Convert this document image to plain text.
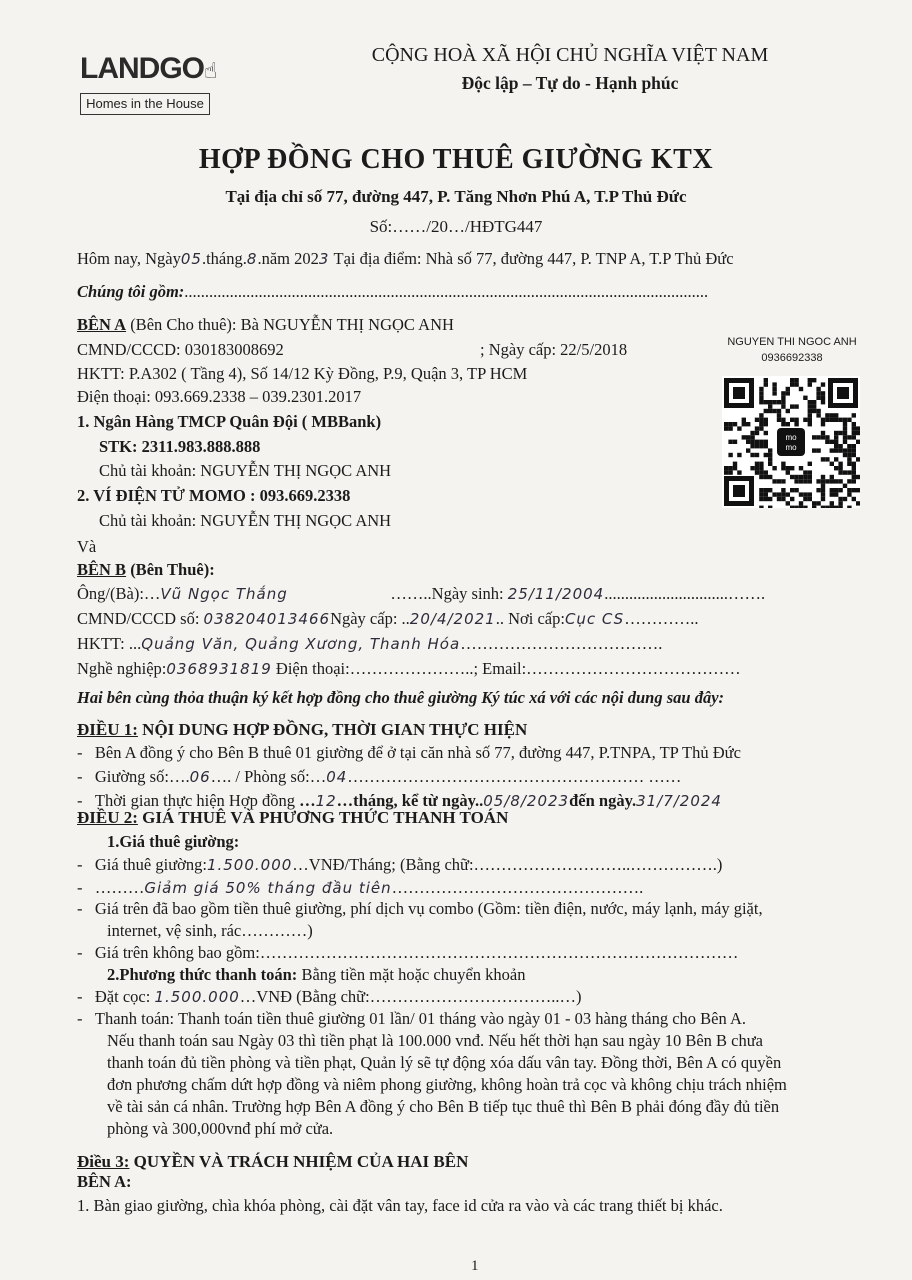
LANDGO☝
Homes in the House
CỘNG HOÀ XÃ HỘI CHỦ NGHĨA VIỆT NAM
Độc lập – Tự do - Hạnh phúc
HỢP ĐỒNG CHO THUÊ GIƯỜNG KTX
Tại địa chỉ số 77, đường 447, P. Tăng Nhơn Phú A, T.P Thủ Đức
Số:……/20…/HĐTG447
Hôm nay, Ngày05.tháng.8.năm 2023 Tại địa điểm: Nhà số 77, đường 447, P. TNP A, T.P Thủ Đức
Chúng tôi gồm:...............................................................................................................................
BÊN A (Bên Cho thuê): Bà NGUYỄN THỊ NGỌC ANH
CMND/CCCD: 030183008692	; Ngày cấp: 22/5/2018
HKTT: P.A302 ( Tầng 4), Số 14/12 Kỳ Đồng, P.9, Quận 3, TP HCM
Điện thoại: 093.669.2338 – 039.2301.2017
1. Ngân Hàng TMCP Quân Đội ( MBBank)
STK: 2311.983.888.888
Chủ tài khoản: NGUYỄN THỊ NGỌC ANH
2. VÍ ĐIỆN TỬ MOMO : 093.669.2338
Chủ tài khoản: NGUYỄN THỊ NGỌC ANH
NGUYEN THI NGOC ANH
0936692338
mo
mo
Và
BÊN B (Bên Thuê):
Ông/(Bà):…Vũ Ngọc Thắng	……..Ngày sinh: 25/11/2004..............................…….
CMND/CCCD số: 038204013466Ngày cấp: ..20/4/2021.. Nơi cấp:Cục CS…………..
HKTT: ...Quảng Văn, Quảng Xương, Thanh Hóa……………………………….
Nghề nghiệp:0368931819 Điện thoại:…………………..; Email:…………………………………
Hai bên cùng thỏa thuận ký kết hợp đồng cho thuê giường Ký túc xá với các nội dung sau đây:
ĐIỀU 1: NỘI DUNG HỢP ĐỒNG, THỜI GIAN THỰC HIỆN
-   Bên A đồng ý cho Bên B thuê 01 giường để ở tại căn nhà số 77, đường 447, P.TNPA, TP Thủ Đức
-   Giường số:….06…. / Phòng số:…04……………………………………………… ……
-   Thời gian thực hiện Hợp đồng …12…tháng, kể từ ngày..05/8/2023đến ngày.31/7/2024
ĐIỀU 2: GIÁ THUÊ VÀ PHƯƠNG THỨC THANH TOÁN
1.Giá thuê giường:
-   Giá thuê giường:1.500.000…VNĐ/Tháng; (Bằng chữ:………………………..…………….)
-   ………Giảm giá 50% tháng đầu tiên……………………………………….
-   Giá trên đã bao gồm tiền thuê giường, phí dịch vụ combo (Gồm: tiền điện, nước, máy lạnh, máy giặt,
internet, vệ sinh, rác…………)
-   Giá trên không bao gồm:……………………………………………………………………………
2.Phương thức thanh toán: Bằng tiền mặt hoặc chuyển khoản
-   Đặt cọc: 1.500.000…VNĐ (Bằng chữ:……………………………..…)
-   Thanh toán: Thanh toán tiền thuê giường 01 lần/ 01 tháng vào ngày 01 - 03 hàng tháng cho Bên A.
Nếu thanh toán sau Ngày 03 thì tiền phạt là 100.000 vnđ. Nếu hết thời hạn sau ngày 10 Bên B chưa
thanh toán đủ tiền phòng và tiền phạt, Quản lý sẽ tự động xóa dấu vân tay. Đồng thời, Bên A có quyền
đơn phương chấm dứt hợp đồng và niêm phong giường, không hoàn trả cọc và không chịu trách nhiệm
về tài sản cá nhân. Trường hợp Bên A đồng ý cho Bên B tiếp tục thuê thì Bên B phải đóng đầy đủ tiền
phòng và 300,000vnđ phí mở cửa.
Điều 3: QUYỀN VÀ TRÁCH NHIỆM CỦA HAI BÊN
BÊN A:
1. Bàn giao giường, chìa khóa phòng, cài đặt vân tay, face id cửa ra vào và các trang thiết bị khác.
1
